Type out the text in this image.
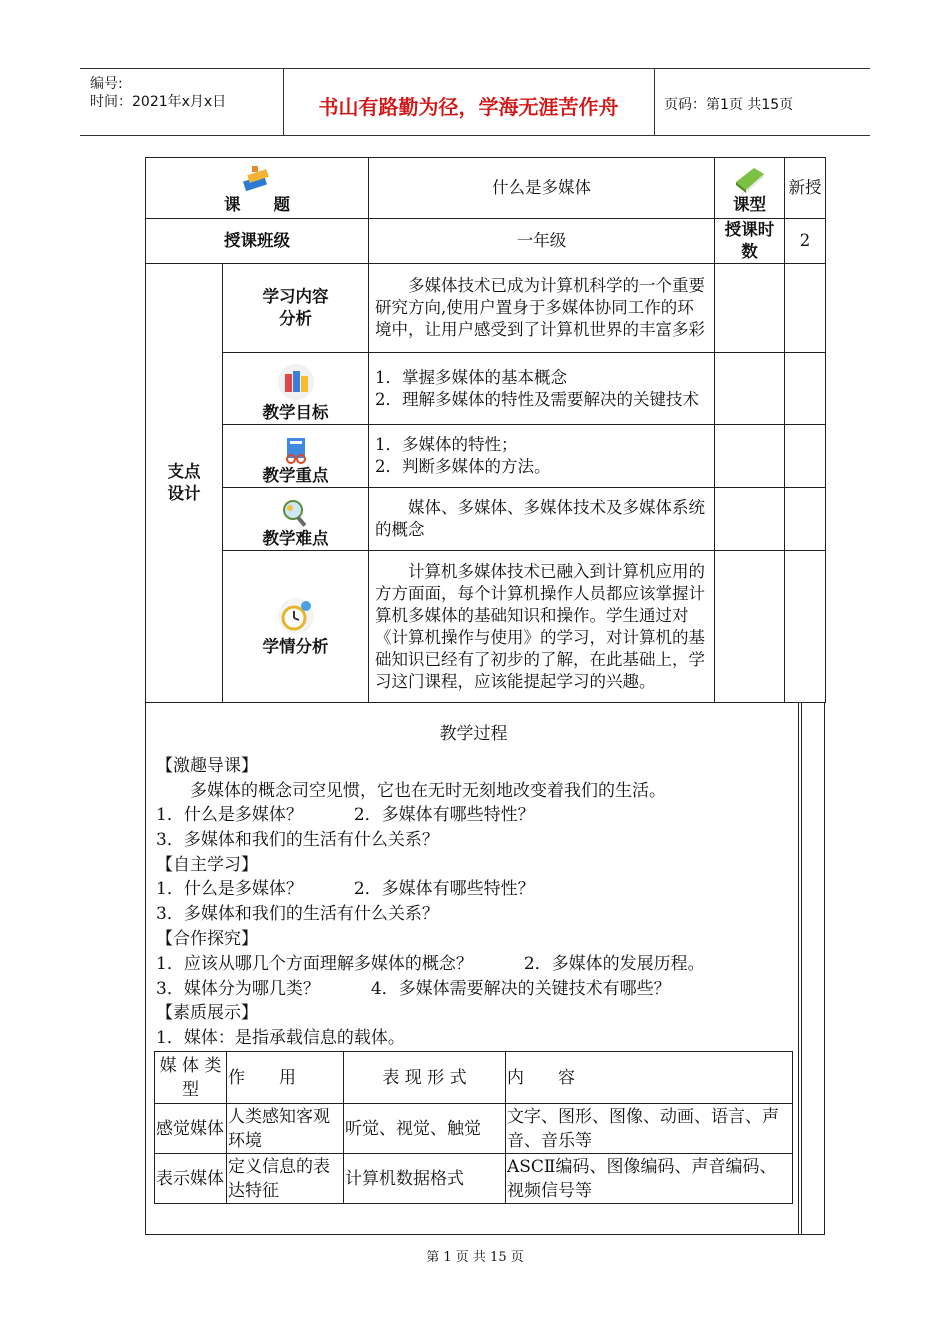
编号:
时间：2021年x月x日	书山有路勤为径，学海无涯苦作舟	页码：第1页 共15页
课　　题		什么是多媒体	课型	新授
授课班级		一年级	授课时数	2
支点设计	学习内容分析	多媒体技术已成为计算机科学的一个重要研究方向,使用户置身于多媒体协同工作的环境中，让用户感受到了计算机世界的丰富多彩		

教学目标	1．掌握多媒体的基本概念
2．理解多媒体的特性及需要解决的关键技术		

教学重点	1．多媒体的特性；
2．判断多媒体的方法。		

教学难点	媒体、多媒体、多媒体技术及多媒体系统的概念		

学情分析	计算机多媒体技术已融入到计算机应用的方方面面，每个计算机操作人员都应该掌握计算机多媒体的基础知识和操作。学生通过对《计算机操作与使用》的学习，对计算机的基础知识已经有了初步的了解，在此基础上，学习这门课程，应该能提起学习的兴趣。		
教学过程
【激趣导课】
　　多媒体的概念司空见惯，它也在无时无刻地改变着我们的生活。
1．什么是多媒体？　　　2．多媒体有哪些特性？
3．多媒体和我们的生活有什么关系？
【自主学习】
1．什么是多媒体？　　　2．多媒体有哪些特性？
3．多媒体和我们的生活有什么关系？
【合作探究】
1．应该从哪几个方面理解多媒体的概念？　　　2．多媒体的发展历程。
3．媒体分为哪几类？　　　4．多媒体需要解决的关键技术有哪些？
【素质展示】
1．媒体：是指承载信息的载体。
媒 体 类 型	作　　用	表 现 形 式	内　　容
感觉媒体	人类感知客观环境	听觉、视觉、触觉	文字、图形、图像、动画、语言、声音、音乐等
表示媒体	定义信息的表达特征	计算机数据格式	ASCⅡ编码、图像编码、声音编码、视频信号等
第 1 页 共 15 页
